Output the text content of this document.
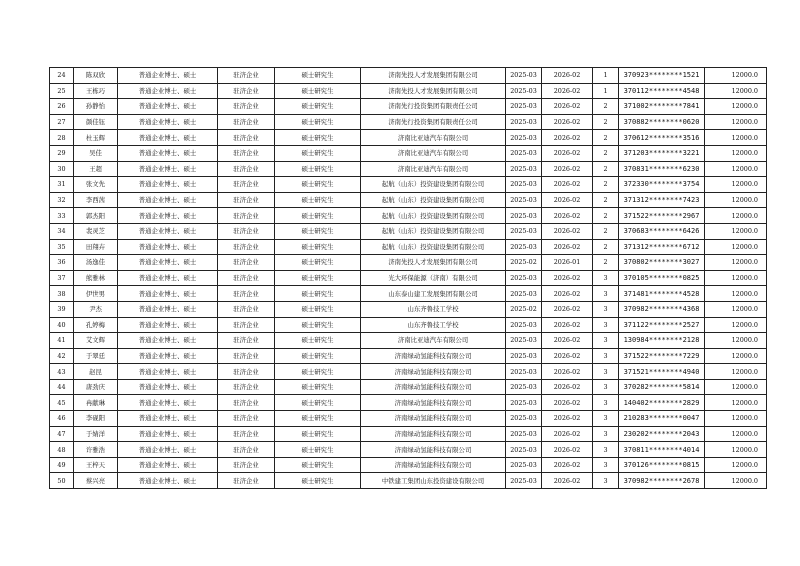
24	陈双欣	普通企业博士、硕士	驻济企业	硕士研究生	济南先投人才发展集团有限公司	2025-03	2026-02	1	370923********1521	12000.0
25	王栋巧	普通企业博士、硕士	驻济企业	硕士研究生	济南先投人才发展集团有限公司	2025-03	2026-02	1	370112********4548	12000.0
26	孙静怡	普通企业博士、硕士	驻济企业	硕士研究生	济南先行投资集团有限责任公司	2025-03	2026-02	2	371002********7841	12000.0
27	颜佳钰	普通企业博士、硕士	驻济企业	硕士研究生	济南先行投资集团有限责任公司	2025-03	2026-02	2	370882********0620	12000.0
28	杜玉辉	普通企业博士、硕士	驻济企业	硕士研究生	济南比亚迪汽车有限公司	2025-03	2026-02	2	370612********3516	12000.0
29	吴佳	普通企业博士、硕士	驻济企业	硕士研究生	济南比亚迪汽车有限公司	2025-03	2026-02	2	371203********3221	12000.0
30	王超	普通企业博士、硕士	驻济企业	硕士研究生	济南比亚迪汽车有限公司	2025-03	2026-02	2	370831********6230	12000.0
31	张文先	普通企业博士、硕士	驻济企业	硕士研究生	起航（山东）投资建设集团有限公司	2025-03	2026-02	2	372330********3754	12000.0
32	李西茜	普通企业博士、硕士	驻济企业	硕士研究生	起航（山东）投资建设集团有限公司	2025-03	2026-02	2	371312********7423	12000.0
33	郭杰阳	普通企业博士、硕士	驻济企业	硕士研究生	起航（山东）投资建设集团有限公司	2025-03	2026-02	2	371522********2967	12000.0
34	裴灵芝	普通企业博士、硕士	驻济企业	硕士研究生	起航（山东）投资建设集团有限公司	2025-03	2026-02	2	370683********6426	12000.0
35	田翔卉	普通企业博士、硕士	驻济企业	硕士研究生	起航（山东）投资建设集团有限公司	2025-03	2026-02	2	371312********6712	12000.0
36	汤逸佳	普通企业博士、硕士	驻济企业	硕士研究生	济南先投人才发展集团有限公司	2025-02	2026-01	2	370802********3027	12000.0
37	熊雅林	普通企业博士、硕士	驻济企业	硕士研究生	光大环保能源（济南）有限公司	2025-03	2026-02	3	370105********0825	12000.0
38	伊世男	普通企业博士、硕士	驻济企业	硕士研究生	山东泰山建工发展集团有限公司	2025-03	2026-02	3	371481********4528	12000.0
39	尹杰	普通企业博士、硕士	驻济企业	硕士研究生	山东齐鲁技工学校	2025-02	2026-02	3	370982********4368	12000.0
40	孔婷梅	普通企业博士、硕士	驻济企业	硕士研究生	山东齐鲁技工学校	2025-03	2026-02	3	371122********2527	12000.0
41	艾文辉	普通企业博士、硕士	驻济企业	硕士研究生	济南比亚迪汽车有限公司	2025-03	2026-02	3	130984********2128	12000.0
42	于翠廷	普通企业博士、硕士	驻济企业	硕士研究生	济南绿动氢能科技有限公司	2025-03	2026-02	3	371522********7229	12000.0
43	赵昆	普通企业博士、硕士	驻济企业	硕士研究生	济南绿动氢能科技有限公司	2025-03	2026-02	3	371521********4940	12000.0
44	唐劲庆	普通企业博士、硕士	驻济企业	硕士研究生	济南绿动氢能科技有限公司	2025-03	2026-02	3	370282********5814	12000.0
45	冉献琳	普通企业博士、硕士	驻济企业	硕士研究生	济南绿动氢能科技有限公司	2025-03	2026-02	3	140402********2829	12000.0
46	李砚阳	普通企业博士、硕士	驻济企业	硕士研究生	济南绿动氢能科技有限公司	2025-03	2026-02	3	210283********0047	12000.0
47	于婧洋	普通企业博士、硕士	驻济企业	硕士研究生	济南绿动氢能科技有限公司	2025-03	2026-02	3	230202********2043	12000.0
48	许雅浩	普通企业博士、硕士	驻济企业	硕士研究生	济南绿动氢能科技有限公司	2025-03	2026-02	3	370811********4014	12000.0
49	王梓天	普通企业博士、硕士	驻济企业	硕士研究生	济南绿动氢能科技有限公司	2025-03	2026-02	3	370126********0815	12000.0
50	蔡兴亮	普通企业博士、硕士	驻济企业	硕士研究生	中铁建工集团山东投资建设有限公司	2025-03	2026-02	3	370982********2678	12000.0
